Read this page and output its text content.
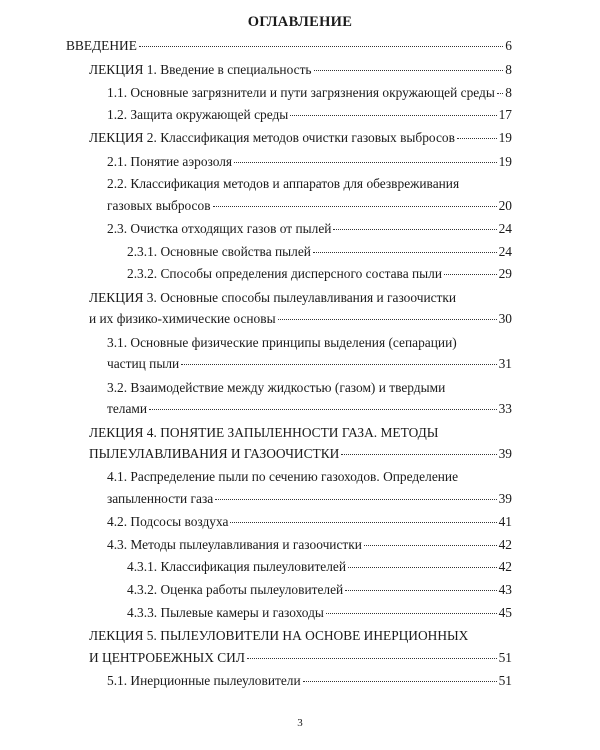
ОГЛАВЛЕНИЕ
ВВЕДЕНИЕ	6
ЛЕКЦИЯ 1. Введение в специальность	8
1.1. Основные загрязнители и пути загрязнения окружающей среды 8
1.2. Защита окружающей среды	17
ЛЕКЦИЯ 2. Классификация методов очистки газовых выбросов	19
2.1. Понятие аэрозоля	19
2.2. Классификация методов и аппаратов для обезвреживания
газовых выбросов	20
2.3. Очистка отходящих газов от пылей	24
2.3.1. Основные свойства пылей	24
2.3.2. Способы определения дисперсного состава пыли	29
ЛЕКЦИЯ 3. Основные способы пылеулавливания и газоочистки
и их физико-химические основы	30
3.1. Основные физические принципы выделения (сепарации)
частиц пыли	31
3.2. Взаимодействие между жидкостью (газом) и твердыми
телами	33
ЛЕКЦИЯ 4. ПОНЯТИЕ ЗАПЫЛЕННОСТИ ГАЗА. МЕТОДЫ
ПЫЛЕУЛАВЛИВАНИЯ И ГАЗООЧИСТКИ	39
4.1. Распределение пыли по сечению газоходов. Определение
запыленности газа	39
4.2. Подсосы воздуха	41
4.3. Методы пылеулавливания и газоочистки	42
4.3.1. Классификация пылеуловителей	42
4.3.2. Оценка работы пылеуловителей	43
4.3.3. Пылевые камеры и газоходы	45
ЛЕКЦИЯ 5. ПЫЛЕУЛОВИТЕЛИ НА ОСНОВЕ ИНЕРЦИОННЫХ
И ЦЕНТРОБЕЖНЫХ СИЛ	51
5.1. Инерционные пылеуловители	51
3
